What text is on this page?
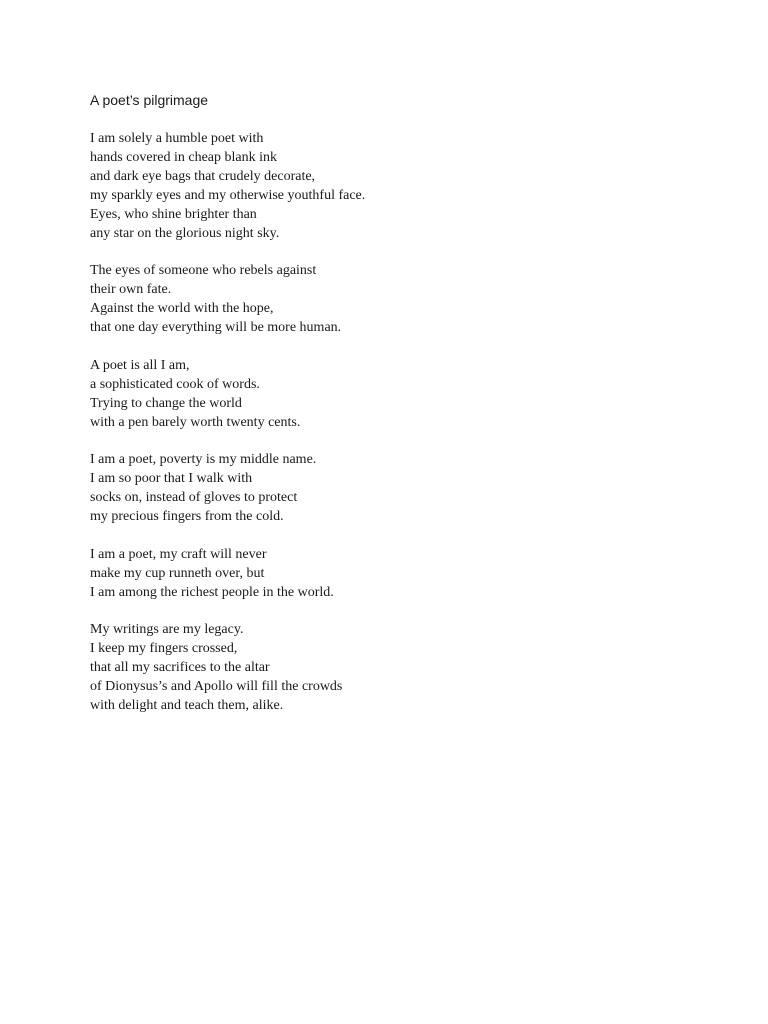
A poet’s pilgrimage
I am solely a humble poet with
hands covered in cheap blank ink
and dark eye bags that crudely decorate,
my sparkly eyes and my otherwise youthful face.
Eyes, who shine brighter than
any star on the glorious night sky.
The eyes of someone who rebels against
their own fate.
Against the world with the hope,
that one day everything will be more human.
A poet is all I am,
a sophisticated cook of words.
Trying to change the world
with a pen barely worth twenty cents.
I am a poet, poverty is my middle name.
I am so poor that I walk with
socks on, instead of gloves to protect
my precious fingers from the cold.
I am a poet, my craft will never
make my cup runneth over, but
I am among the richest people in the world.
My writings are my legacy.
I keep my fingers crossed,
that all my sacrifices to the altar
of Dionysus’s and Apollo will fill the crowds
with delight and teach them, alike.
